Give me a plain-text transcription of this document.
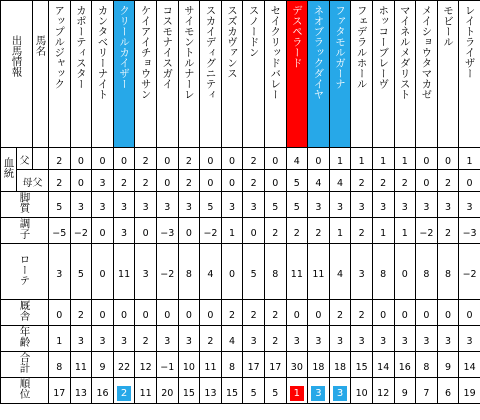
出馬情報		馬名	アップルジャック	カポーティスター	カンタベリーナイト	クリールカイザー	ケイアイチョウサン	コスモナイスガイ	サイモントルナーレ	スカイディグニティ	スズカヴァンス	スノードン	セイクリッドバレー	デスペラード	ネオブラックダイヤ	ファタモルガーナ	フェデラルホール	ホッコーブレーヴ	マイネルメダリスト	メイショウタマカゼ	モビール	レイトライザー
血統	父		2	0	0	0	2	0	2	0	0	2	0	4	0	1	1	1	1	0	0	1
	母父		2	0	3	2	2	0	2	0	0	2	0	5	4	4	2	2	2	0	2	0
脚質			5	3	3	3	3	3	3	5	3	3	5	5	3	3	3	3	3	3	3	3
調子			−5	−2	0	3	0	−3	0	−2	1	0	2	2	2	1	2	1	1	−2	2	−3
ローテ			3	5	0	11	3	−2	8	4	0	5	8	11	11	4	3	8	0	8	8	−2
厩舎			0	2	0	0	0	0	0	0	2	2	2	0	0	2	2	0	0	0	0	0
年齢			1	3	3	3	2	3	3	2	4	3	2	3	3	3	3	3	3	3	3	3
合計			8	11	9	22	12	−1	10	11	8	17	17	30	18	18	15	14	16	8	9	14
順位			17	13	16	2	11	20	15	13	15	5	5	1	3	3	10	12	9	7	6	19
